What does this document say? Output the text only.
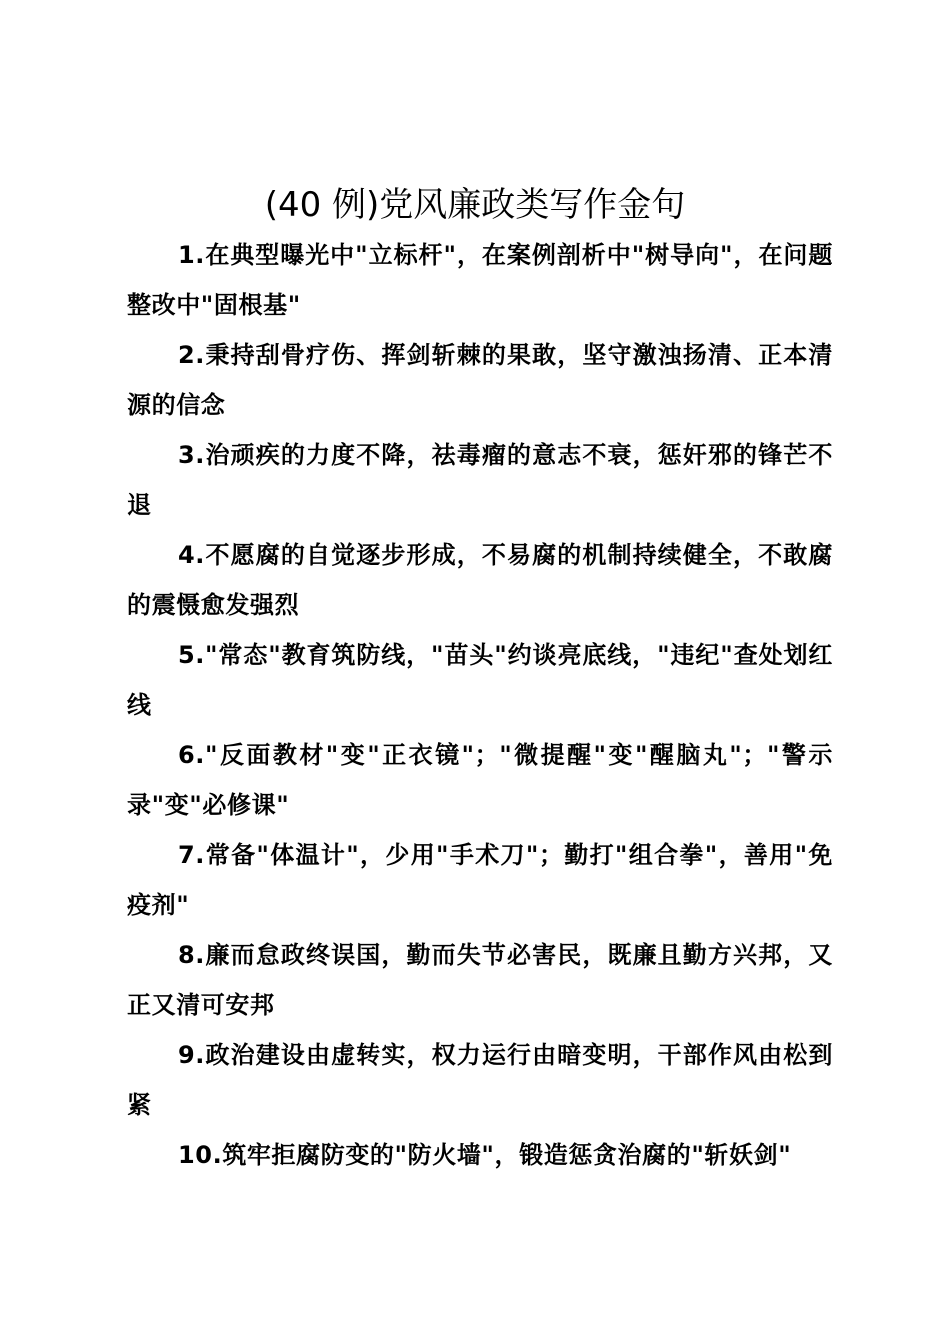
(40 例)党风廉政类写作金句

1.在典型曝光中"立标杆"，在案例剖析中"树导向"，在问题整改中"固根基"

2.秉持刮骨疗伤、挥剑斩棘的果敢，坚守激浊扬清、正本清源的信念

3.治顽疾的力度不降，祛毒瘤的意志不衰，惩奸邪的锋芒不退

4.不愿腐的自觉逐步形成，不易腐的机制持续健全，不敢腐的震慑愈发强烈

5."常态"教育筑防线，"苗头"约谈亮底线，"违纪"查处划红线

6."反面教材"变"正衣镜"；"微提醒"变"醒脑丸"；"警示录"变"必修课"

7.常备"体温计"，少用"手术刀"；勤打"组合拳"，善用"免疫剂"

8.廉而怠政终误国，勤而失节必害民，既廉且勤方兴邦，又正又清可安邦

9.政治建设由虚转实，权力运行由暗变明，干部作风由松到紧

10.筑牢拒腐防变的"防火墙"，锻造惩贪治腐的"斩妖剑"
